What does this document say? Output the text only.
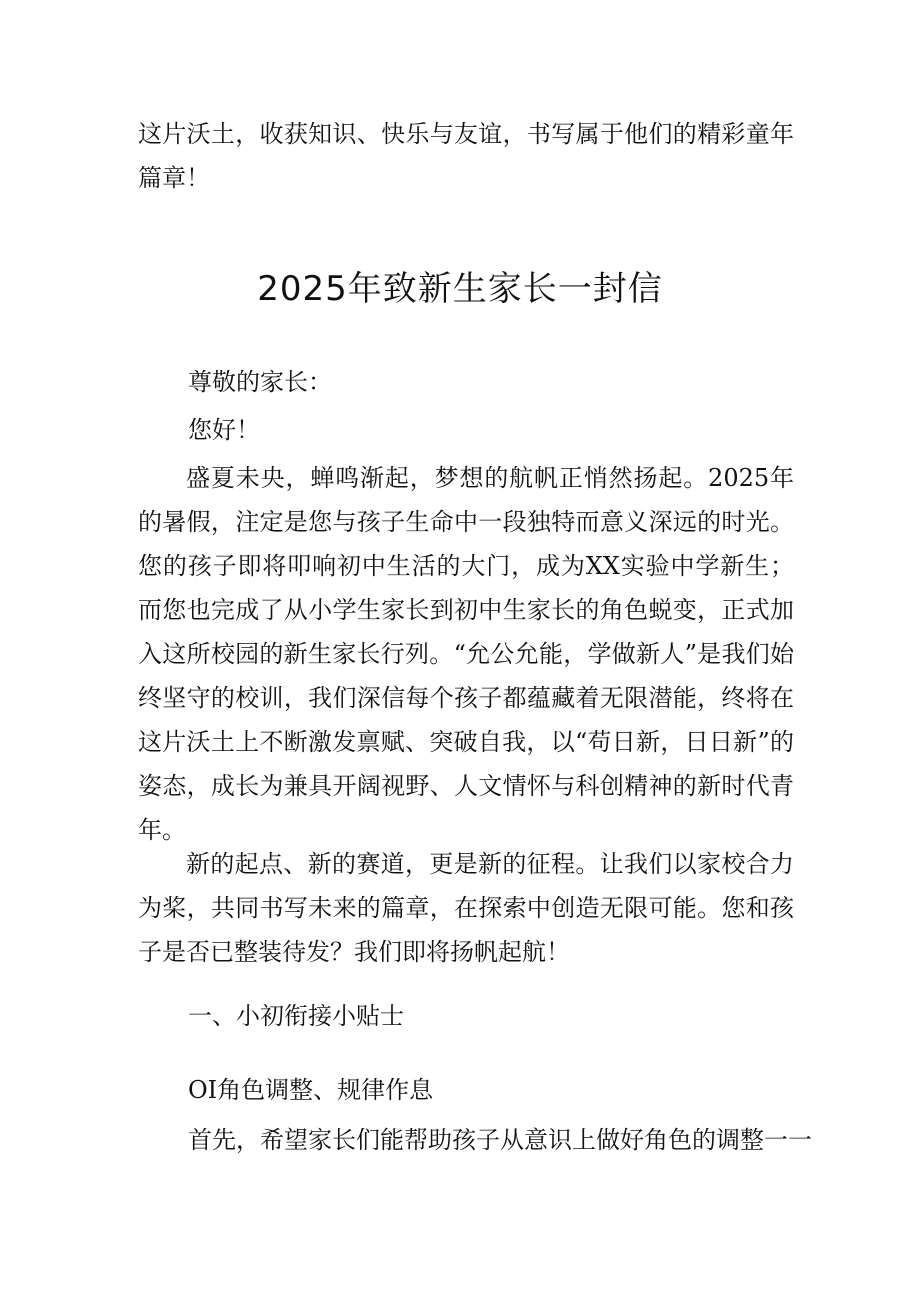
这片沃土，收获知识、快乐与友谊，书写属于他们的精彩童年篇章！
2025年致新生家长一封信
尊敬的家长：
您好！
盛夏未央，蝉鸣渐起，梦想的航帆正悄然扬起。2025年的暑假，注定是您与孩子生命中一段独特而意义深远的时光。您的孩子即将叩响初中生活的大门，成为XX实验中学新生；而您也完成了从小学生家长到初中生家长的角色蜕变，正式加入这所校园的新生家长行列。“允公允能，学做新人”是我们始终坚守的校训，我们深信每个孩子都蕴藏着无限潜能，终将在这片沃土上不断激发禀赋、突破自我，以“苟日新，日日新”的姿态，成长为兼具开阔视野、人文情怀与科创精神的新时代青年。
新的起点、新的赛道，更是新的征程。让我们以家校合力为桨，共同书写未来的篇章，在探索中创造无限可能。您和孩子是否已整装待发？我们即将扬帆起航！
一、小初衔接小贴士
OI角色调整、规律作息
首先，希望家长们能帮助孩子从意识上做好角色的调整一一
